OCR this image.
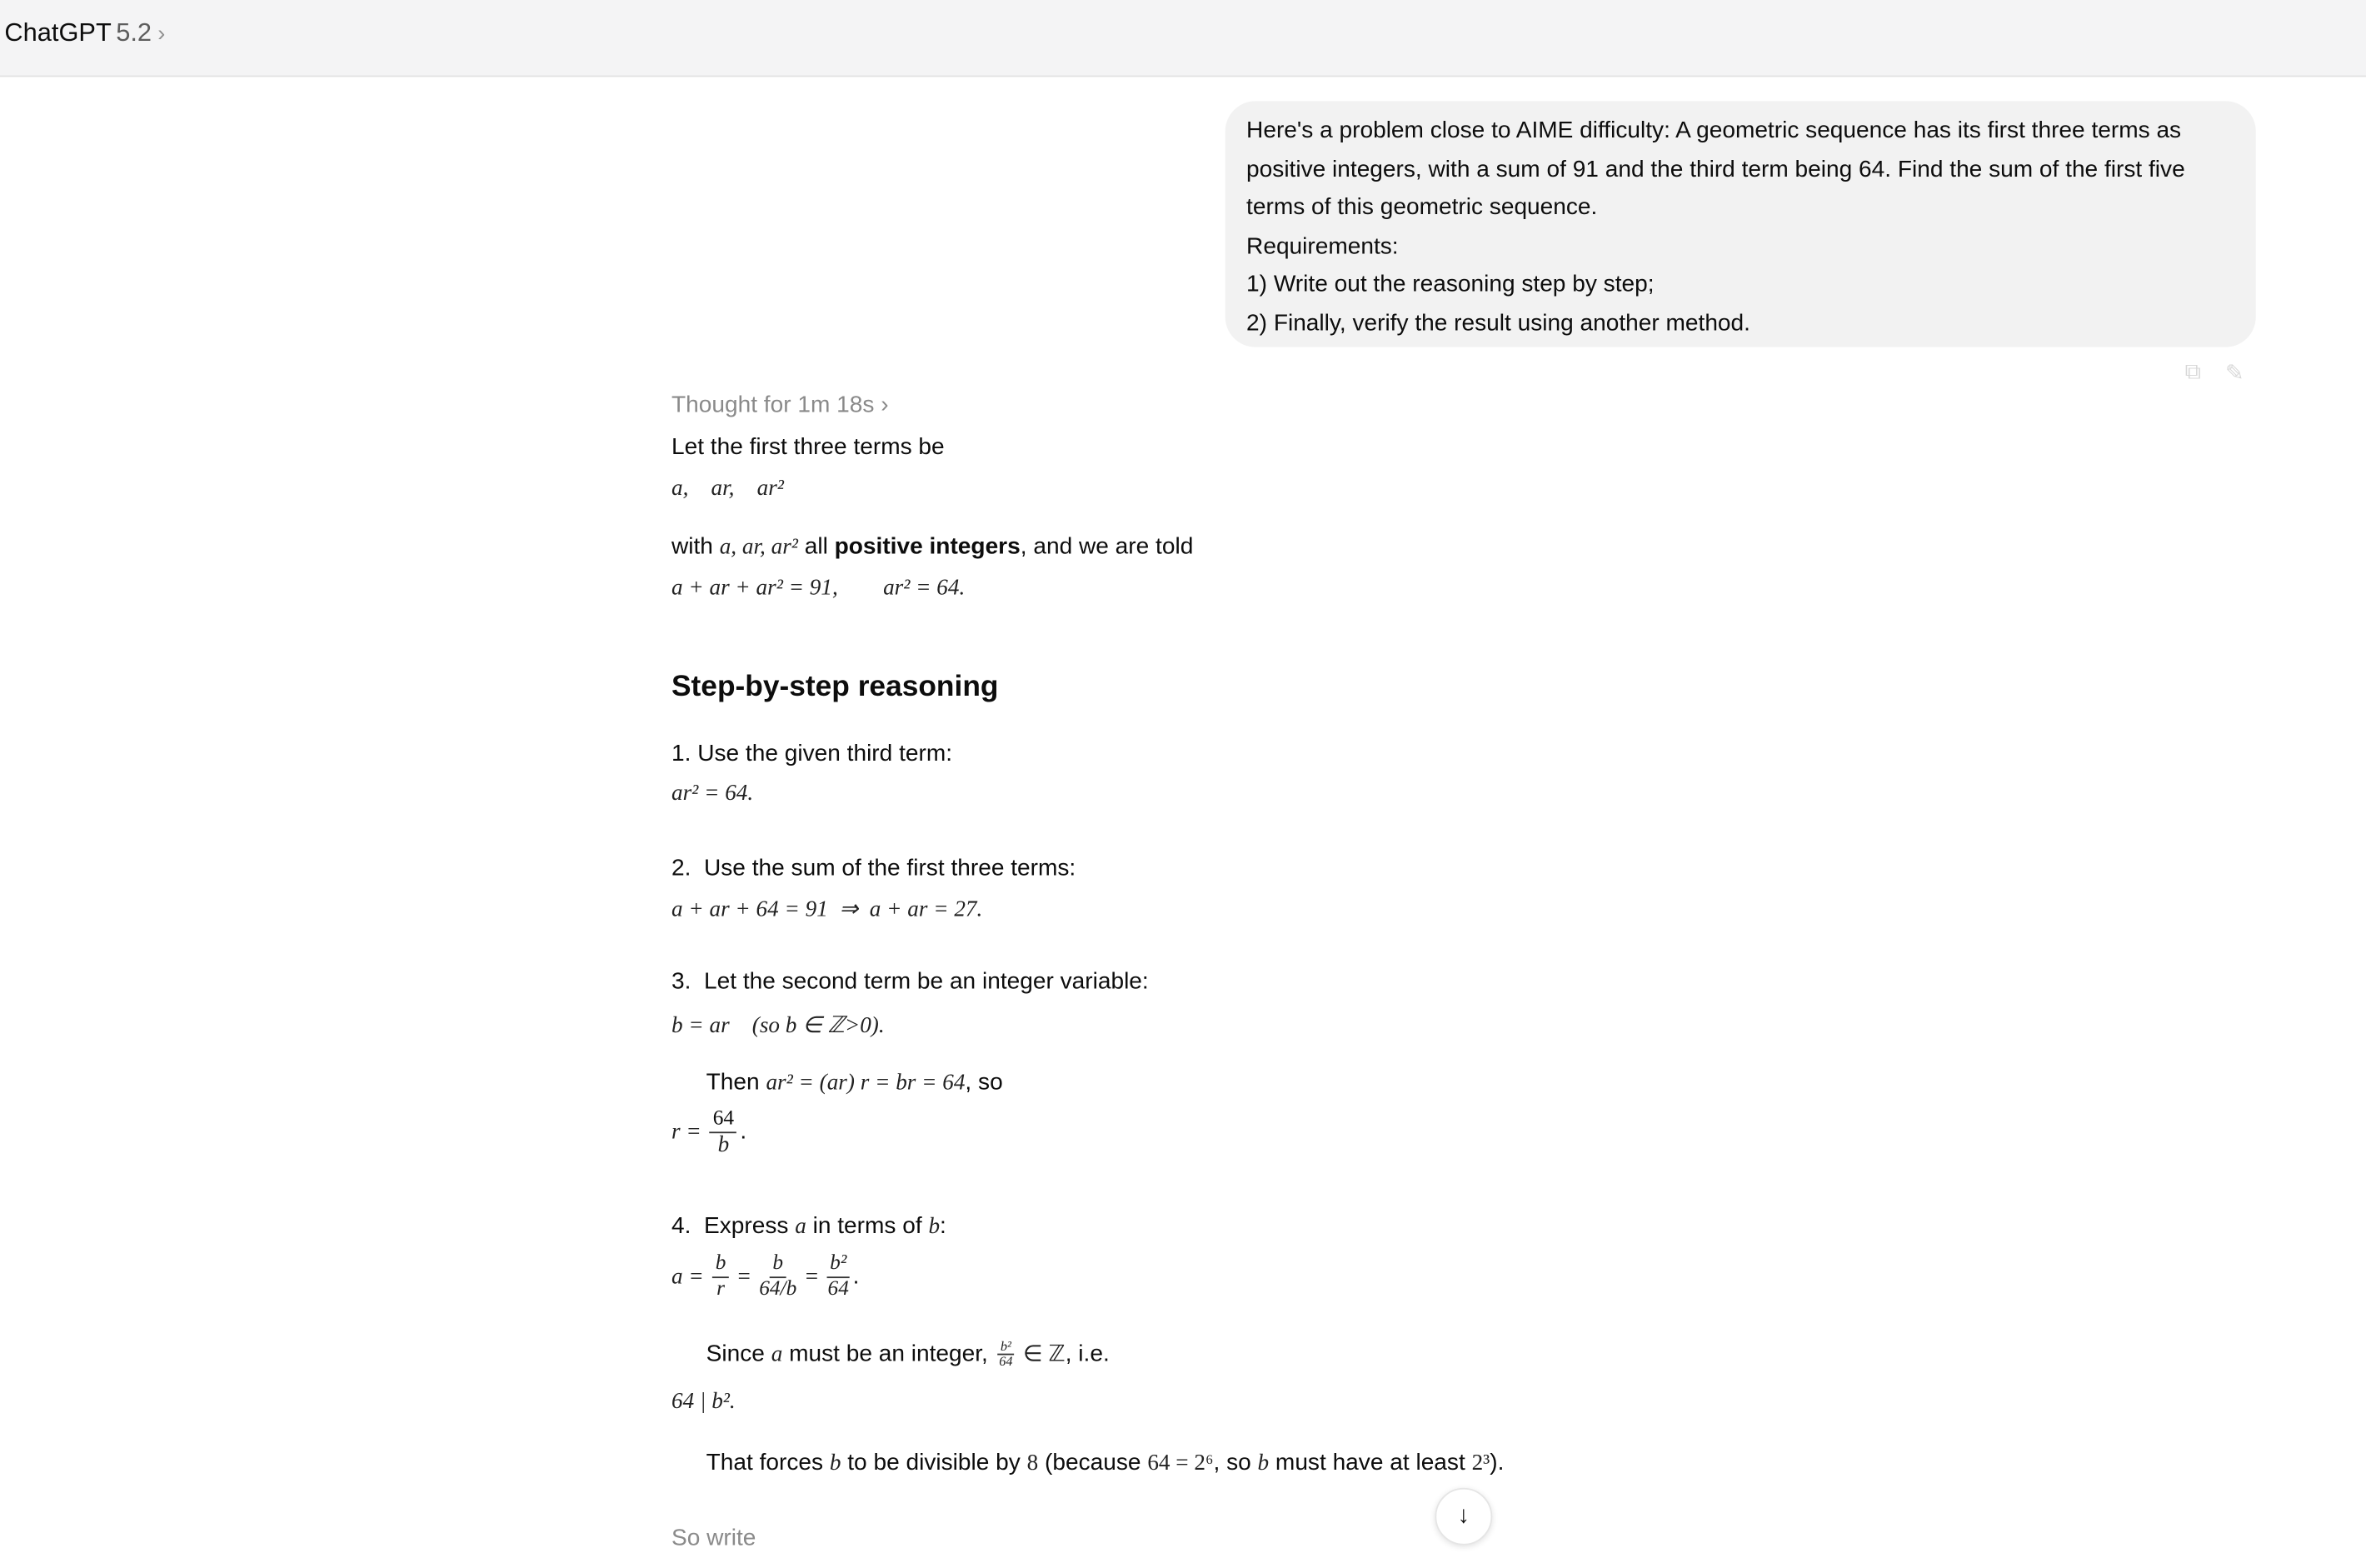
ChatGPT 5.2 ›
Here's a problem close to AIME difficulty: A geometric sequence has its first three terms as
positive integers, with a sum of 91 and the third term being 64. Find the sum of the first five
terms of this geometric sequence.
Requirements:
1) Write out the reasoning step by step;
2) Finally, verify the result using another method.
⧉ ✎
Thought for 1m 18s ›
Let the first three terms be
a,    ar,    ar²
with a, ar, ar² all positive integers, and we are told
a + ar + ar² = 91,        ar² = 64.
Step-by-step reasoning
1. Use the given third term:
ar² = 64.
2.  Use the sum of the first three terms:
a + ar + 64 = 91  ⇒  a + ar = 27.
3.  Let the second term be an integer variable:
b = ar    (so b ∈ ℤ>0).
Then ar² = (ar) r = br = 64, so
$r = \frac{64}{b}$ .
4.  Express a in terms of b:
$a = \frac{b}{r} = \frac{b}{64/b} = \frac{\text{b²}}{64}$ .
Since a must be an integer, $\frac{\text{b²}}{64}$ ∈ ℤ, i.e.
64 | b².
That forces b to be divisible by 8 (because 64 = 2⁶, so b must have at least 2³).
So write
↓
